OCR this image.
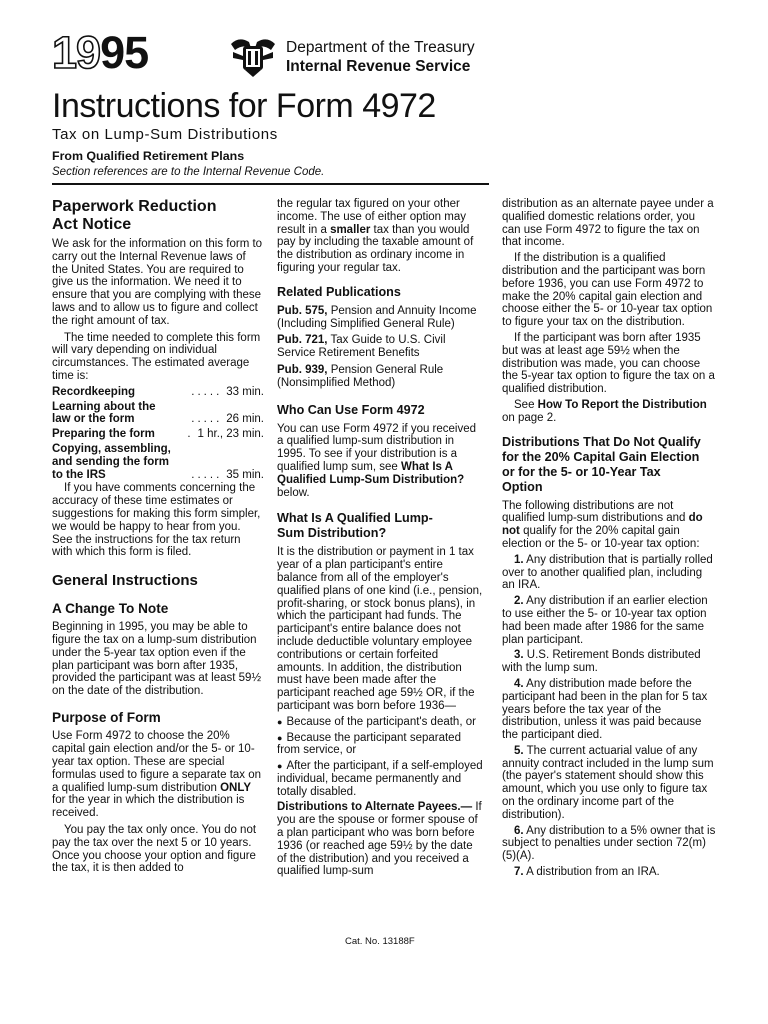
1995	Department of the Treasury
Internal Revenue Service
Instructions for Form 4972
Tax on Lump-Sum Distributions
From Qualified Retirement Plans
Section references are to the Internal Revenue Code.
Paperwork Reduction Act Notice

We ask for the information on this form to carry out the Internal Revenue laws of the United States. You are required to give us the information. We need it to ensure that you are complying with these laws and to allow us to figure and collect the right amount of tax.

The time needed to complete this form will vary depending on individual circumstances. The estimated average time is:

Recordkeeping	..... 33 min.
Learning about the law or the form	..... 26 min.
Preparing the form	. 1 hr., 23 min.
Copying, assembling, and sending the form to the IRS	..... 35 min.

If you have comments concerning the accuracy of these time estimates or suggestions for making this form simpler, we would be happy to hear from you. See the instructions for the tax return with which this form is filed.

General Instructions
A Change To Note

Beginning in 1995, you may be able to figure the tax on a lump-sum distribution under the 5-year tax option even if the plan participant was born after 1935, provided the participant was at least 59½ on the date of the distribution.

Purpose of Form

Use Form 4972 to choose the 20% capital gain election and/or the 5- or 10-year tax option. These are special formulas used to figure a separate tax on a qualified lump-sum distribution ONLY for the year in which the distribution is received.

You pay the tax only once. You do not pay the tax over the next 5 or 10 years. Once you choose your option and figure the tax, it is then added to

the regular tax figured on your other income. The use of either option may result in a smaller tax than you would pay by including the taxable amount of the distribution as ordinary income in figuring your regular tax.

Related Publications

Pub. 575, Pension and Annuity Income (Including Simplified General Rule)

Pub. 721, Tax Guide to U.S. Civil Service Retirement Benefits

Pub. 939, Pension General Rule (Nonsimplified Method)

Who Can Use Form 4972

You can use Form 4972 if you received a qualified lump-sum distribution in 1995. To see if your distribution is a qualified lump sum, see What Is A Qualified Lump-Sum Distribution? below.

What Is A Qualified Lump-Sum Distribution?

It is the distribution or payment in 1 tax year of a plan participant's entire balance from all of the employer's qualified plans of one kind (i.e., pension, profit-sharing, or stock bonus plans), in which the participant had funds. The participant's entire balance does not include deductible voluntary employee contributions or certain forfeited amounts. In addition, the distribution must have been made after the participant reached age 59½ OR, if the participant was born before 1936—

● Because of the participant's death, or

● Because the participant separated from service, or

● After the participant, if a self-employed individual, became permanently and totally disabled.

Distributions to Alternate Payees.— If you are the spouse or former spouse of a plan participant who was born before 1936 (or reached age 59½ by the date of the distribution) and you received a qualified lump-sum

distribution as an alternate payee under a qualified domestic relations order, you can use Form 4972 to figure the tax on that income.

If the distribution is a qualified distribution and the participant was born before 1936, you can use Form 4972 to make the 20% capital gain election and choose either the 5- or 10-year tax option to figure your tax on the distribution.

If the participant was born after 1935 but was at least age 59½ when the distribution was made, you can choose the 5-year tax option to figure the tax on a qualified distribution.

See How To Report the Distribution on page 2.

Distributions That Do Not Qualify for the 20% Capital Gain Election or for the 5- or 10-Year Tax Option

The following distributions are not qualified lump-sum distributions and do not qualify for the 20% capital gain election or the 5- or 10-year tax option:

1. Any distribution that is partially rolled over to another qualified plan, including an IRA.

2. Any distribution if an earlier election to use either the 5- or 10-year tax option had been made after 1986 for the same plan participant.

3. U.S. Retirement Bonds distributed with the lump sum.

4. Any distribution made before the participant had been in the plan for 5 tax years before the tax year of the distribution, unless it was paid because the participant died.

5. The current actuarial value of any annuity contract included in the lump sum (the payer's statement should show this amount, which you use only to figure tax on the ordinary income part of the distribution).

6. Any distribution to a 5% owner that is subject to penalties under section 72(m)(5)(A).

7. A distribution from an IRA.

Cat. No. 13188F
